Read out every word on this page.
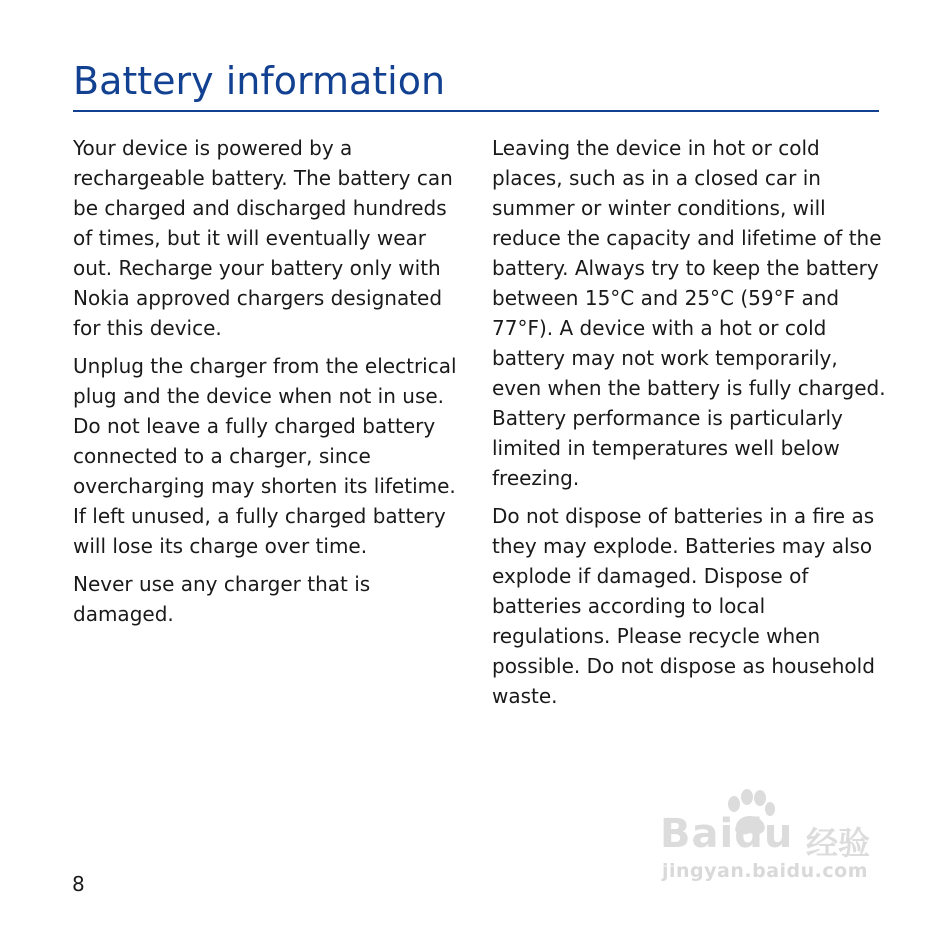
Battery information

Your device is powered by a
rechargeable battery. The battery can
be charged and discharged hundreds
of times, but it will eventually wear
out. Recharge your battery only with
Nokia approved chargers designated
for this device.

Unplug the charger from the electrical
plug and the device when not in use.
Do not leave a fully charged battery
connected to a charger, since
overcharging may shorten its lifetime.
If left unused, a fully charged battery
will lose its charge over time.

Never use any charger that is
damaged.

Leaving the device in hot or cold
places, such as in a closed car in
summer or winter conditions, will
reduce the capacity and lifetime of the
battery. Always try to keep the battery
between 15°C and 25°C (59°F and
77°F). A device with a hot or cold
battery may not work temporarily,
even when the battery is fully charged.
Battery performance is particularly
limited in temperatures well below
freezing.

Do not dispose of batteries in a fire as
they may explode. Batteries may also
explode if damaged. Dispose of
batteries according to local
regulations. Please recycle when
possible. Do not dispose as household
waste.

8
Baidu 经验
jingyan.baidu.com
